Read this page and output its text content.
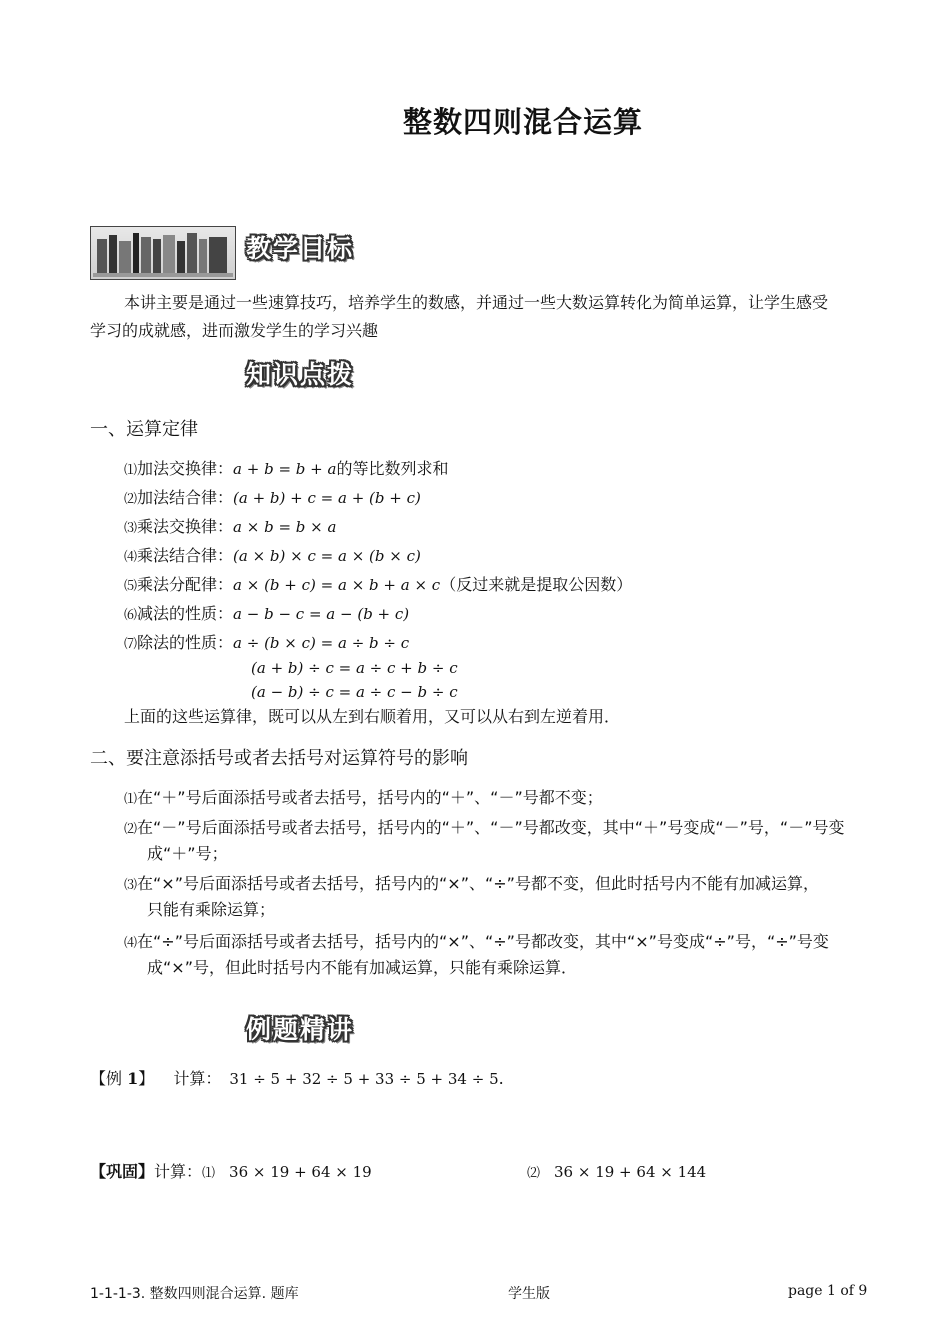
整数四则混合运算
教学目标
本讲主要是通过一些速算技巧，培养学生的数感，并通过一些大数运算转化为简单运算，让学生感受
学习的成就感，进而激发学生的学习兴趣
知识点拨
一、运算定律
⑴加法交换律：a + b = b + a的等比数列求和
⑵加法结合律：(a + b) + c = a + (b + c)
⑶乘法交换律：a × b = b × a
⑷乘法结合律：(a × b) × c = a × (b × c)
⑸乘法分配律：a × (b + c) = a × b + a × c（反过来就是提取公因数）
⑹减法的性质：a − b − c = a − (b + c)
⑺除法的性质：a ÷ (b × c) = a ÷ b ÷ c
(a + b) ÷ c = a ÷ c + b ÷ c
(a − b) ÷ c = a ÷ c − b ÷ c
上面的这些运算律，既可以从左到右顺着用，又可以从右到左逆着用．
二、要注意添括号或者去括号对运算符号的影响
⑴在“＋”号后面添括号或者去括号，括号内的“＋”、“－”号都不变；
⑵在“－”号后面添括号或者去括号，括号内的“＋”、“－”号都改变，其中“＋”号变成“－”号，“－”号变
成“＋”号；
⑶在“×”号后面添括号或者去括号，括号内的“×”、“÷”号都不变，但此时括号内不能有加减运算，
只能有乘除运算；
⑷在“÷”号后面添括号或者去括号，括号内的“×”、“÷”号都改变，其中“×”号变成“÷”号，“÷”号变
成“×”号，但此时括号内不能有加减运算，只能有乘除运算．
例题精讲
【例 1】 计算： 31 ÷ 5 + 32 ÷ 5 + 33 ÷ 5 + 34 ÷ 5.
【巩固】计算：⑴ 36 × 19 + 64 × 19	⑵ 36 × 19 + 64 × 144
1-1-1-3. 整数四则混合运算. 题库	学生版	page 1 of 9
